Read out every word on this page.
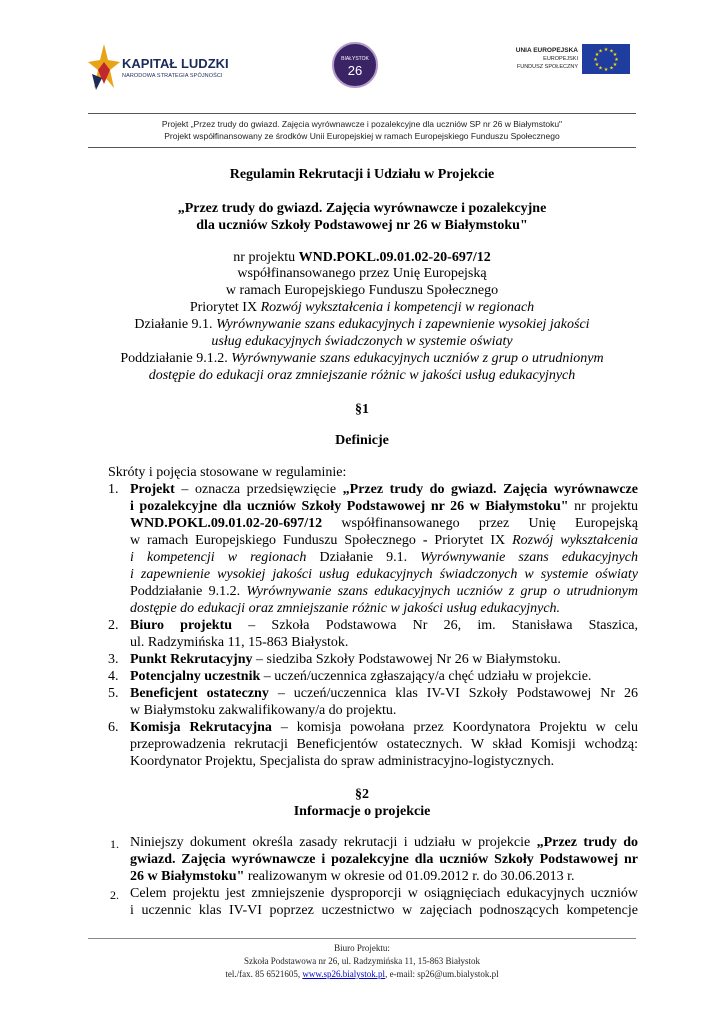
KAPITAŁ LUDZKI
NARODOWA STRATEGIA SPÓJNOŚCI
BIAŁYSTOK
26
UNIA EUROPEJSKA
EUROPEJSKI
FUNDUSZ SPOŁECZNY
★ ★
★
★
★
★
★
★
★
★
★
★
Projekt „Przez trudy do gwiazd. Zajęcia wyrównawcze i pozalekcyjne dla uczniów SP nr 26 w Białymstoku"
Projekt współfinansowany ze środków Unii Europejskiej w ramach Europejskiego Funduszu Społecznego
Regulamin Rekrutacji i Udziału w Projekcie
„Przez trudy do gwiazd. Zajęcia wyrównawcze i pozalekcyjne
dla uczniów Szkoły Podstawowej nr 26 w Białymstoku"
nr projektu WND.POKL.09.01.02-20-697/12
współfinansowanego przez Unię Europejską
w ramach Europejskiego Funduszu Społecznego
Priorytet IX Rozwój wykształcenia i kompetencji w regionach
Działanie 9.1. Wyrównywanie szans edukacyjnych i zapewnienie wysokiej jakości
usług edukacyjnych świadczonych w systemie oświaty
Poddziałanie 9.1.2. Wyrównywanie szans edukacyjnych uczniów z grup o utrudnionym
dostępie do edukacji oraz zmniejszanie różnic w jakości usług edukacyjnych
§1
Definicje
Skróty i pojęcia stosowane w regulaminie:
1. Projekt – oznacza przedsięwzięcie „Przez trudy do gwiazd. Zajęcia wyrównawcze
i pozalekcyjne dla uczniów Szkoły Podstawowej nr 26 w Białymstoku" nr projektu
WND.POKL.09.01.02-20-697/12 współfinansowanego przez Unię Europejską
w ramach Europejskiego Funduszu Społecznego - Priorytet IX Rozwój wykształcenia
i kompetencji w regionach Działanie 9.1. Wyrównywanie szans edukacyjnych
i zapewnienie wysokiej jakości usług edukacyjnych świadczonych w systemie oświaty
Poddziałanie 9.1.2. Wyrównywanie szans edukacyjnych uczniów z grup o utrudnionym
dostępie do edukacji oraz zmniejszanie różnic w jakości usług edukacyjnych.
2. Biuro projektu – Szkoła Podstawowa Nr 26, im. Stanisława Staszica,
ul. Radzymińska 11, 15-863 Białystok.
3. Punkt Rekrutacyjny – siedziba Szkoły Podstawowej Nr 26 w Białymstoku.
4. Potencjalny uczestnik – uczeń/uczennica zgłaszający/a chęć udziału w projekcie.
5. Beneficjent ostateczny – uczeń/uczennica klas IV-VI Szkoły Podstawowej Nr 26
w Białymstoku zakwalifikowany/a do projektu.
6. Komisja Rekrutacyjna – komisja powołana przez Koordynatora Projektu w celu
przeprowadzenia rekrutacji Beneficjentów ostatecznych. W skład Komisji wchodzą:
Koordynator Projektu, Specjalista do spraw administracyjno-logistycznych.
§2
Informacje o projekcie
1. Niniejszy dokument określa zasady rekrutacji i udziału w projekcie „Przez trudy do
gwiazd. Zajęcia wyrównawcze i pozalekcyjne dla uczniów Szkoły Podstawowej nr
26 w Białymstoku" realizowanym w okresie od 01.09.2012 r. do 30.06.2013 r.
2. Celem projektu jest zmniejszenie dysproporcji w osiągnięciach edukacyjnych uczniów
i uczennic klas IV-VI poprzez uczestnictwo w zajęciach podnoszących kompetencje
Biuro Projektu:
Szkoła Podstawowa nr 26, ul. Radzymińska 11, 15-863 Białystok
tel./fax. 85 6521605, www.sp26.bialystok.pl, e-mail: sp26@um.bialystok.pl
